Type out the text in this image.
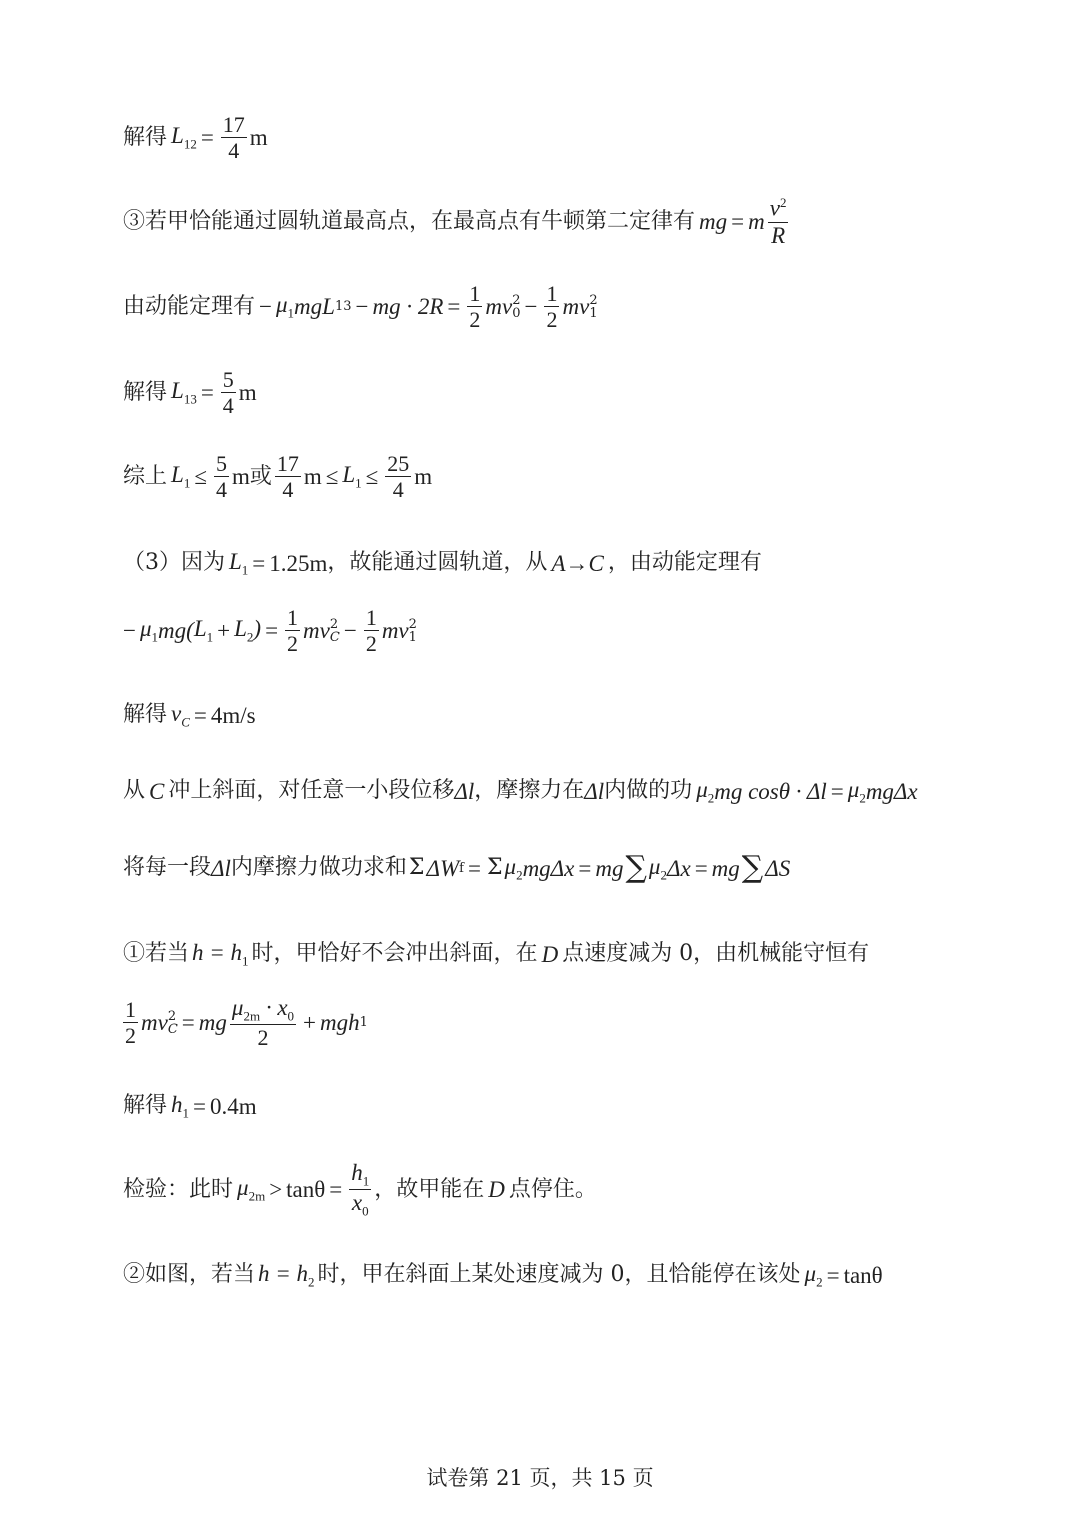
解得 $L_{12} = \frac{17}{4}$ m
③若甲恰能通过圆轨道最高点，在最高点有牛顿第二定律有 mg = m $\frac{v^2}{R}$
由动能定理有 − $\mu_1$ mgL 13 − mg · $2R = \frac{1}{2}$ mv 2
$0 - \frac{1}{2}$ mv 2
1
解得 $L_{13} = \frac{5}{4}$ m
综上 $L_1 \le \frac{5}{4}$ m 或 $\frac{17}{4}$ $m \le L_1 \le \frac{25}{4}$ m
（3）因为 $L_1 = 1.25m$ ，故能通过圆轨道，从 A→C ，由动能定理有
− $\mu_1$ mg( $L_1 + L_2) = \frac{1}{2}$ mv 2
$C - \frac{1}{2}$ mv 2
1
解得 $v_C = 4m/s$
从 C 冲上斜面，对任意一小段位移 Δl ，摩擦力在 Δl 内做的功 $\mu_2$ mg $\cos\theta \cdot \Delta l = \mu_2$ mgΔx
将每一段 Δl 内摩擦力做功求和 Σ ΔW f = Σ $\mu_2$ mgΔx = mg ∑ $\mu_2$ Δx = mg ∑ ΔS
①若当 $h = h_1$ 时，甲恰好不会冲出斜面，在 D 点速度减为 0，由机械能守恒有
$\frac{1}{2}$ mv 2
C = mg $\frac{\mu_{2m} \cdot x_0}{2}$ + mgh 1
解得 $h_1 = 0.4m$
检验：此时 $\mu_{2m} > \tan\theta = \frac{h_1}{x_0}$ ，故甲能在 D 点停住。
②如图，若当 $h = h_2$ 时，甲在斜面上某处速度减为 0，且恰能停在该处 $\mu_2 = \tan\theta$
试卷第 21 页，共 15 页
